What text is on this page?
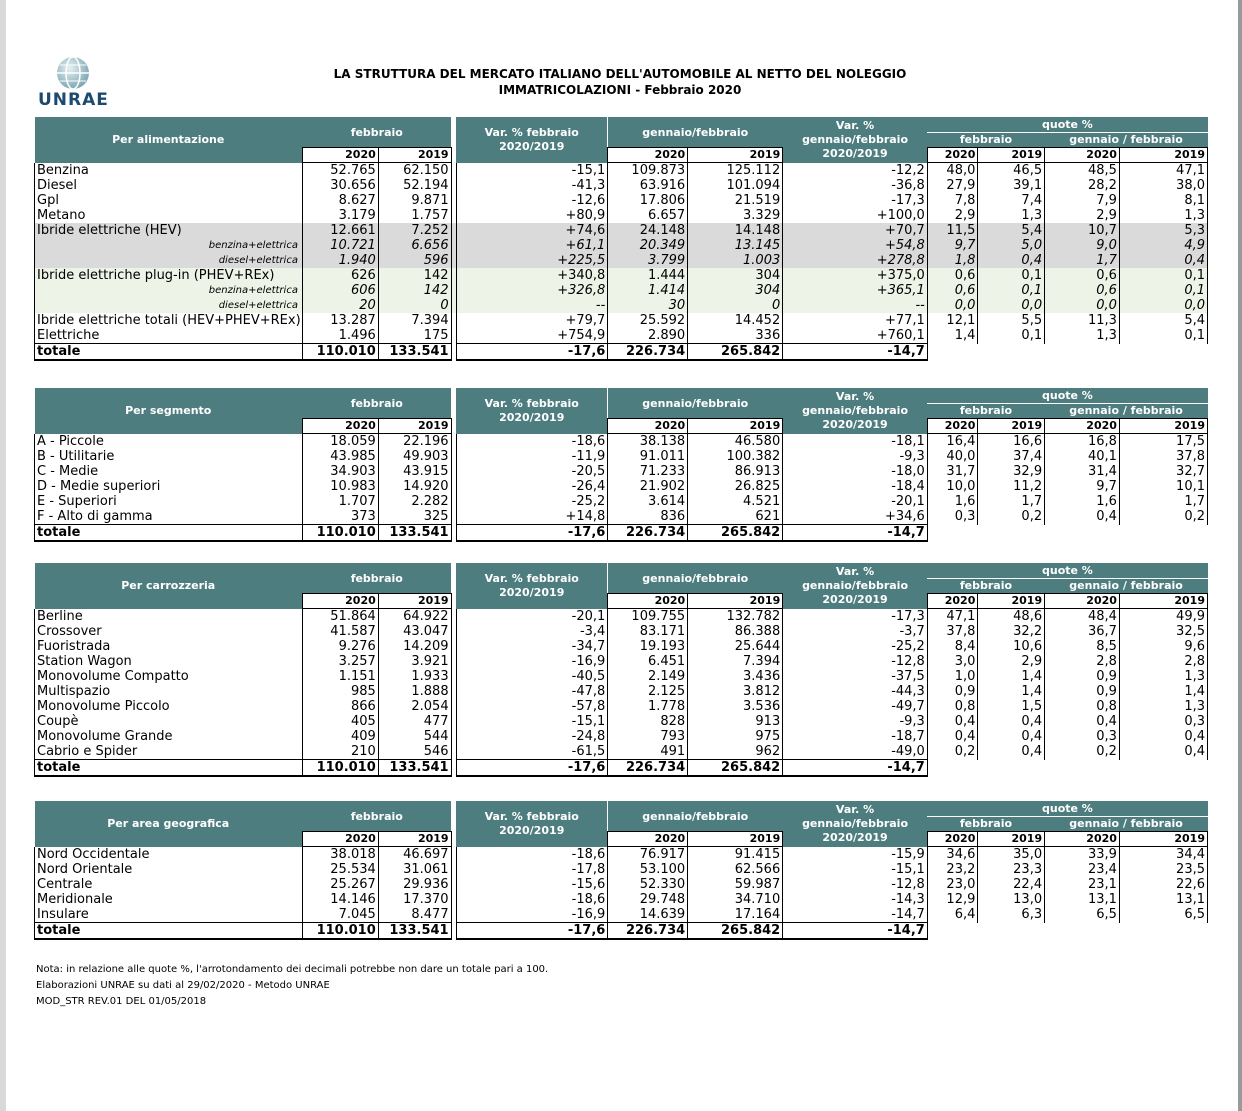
UNRAE
LA STRUTTURA DEL MERCATO ITALIANO DELL'AUTOMOBILE AL NETTO DEL NOLEGGIO
IMMATRICOLAZIONI - Febbraio 2020
Per alimentazione	febbraio			Var. % febbraio 2020/2019	gennaio/febbraio		Var. % gennaio/febbraio 2020/2019	quote %			
								febbraio		gennaio / febbraio	
	2020	2019			2020	2019		2020	2019	2020	2019
Benzina	52.765	62.150		-15,1	109.873	125.112	-12,2	48,0	46,5	48,5	47,1
Diesel	30.656	52.194		-41,3	63.916	101.094	-36,8	27,9	39,1	28,2	38,0
Gpl	8.627	9.871		-12,6	17.806	21.519	-17,3	7,8	7,4	7,9	8,1
Metano	3.179	1.757		+80,9	6.657	3.329	+100,0	2,9	1,3	2,9	1,3
Ibride elettriche (HEV)	12.661	7.252		+74,6	24.148	14.148	+70,7	11,5	5,4	10,7	5,3
benzina+elettrica	10.721	6.656		+61,1	20.349	13.145	+54,8	9,7	5,0	9,0	4,9
diesel+elettrica	1.940	596		+225,5	3.799	1.003	+278,8	1,8	0,4	1,7	0,4
Ibride elettriche plug-in (PHEV+REx)	626	142		+340,8	1.444	304	+375,0	0,6	0,1	0,6	0,1
benzina+elettrica	606	142		+326,8	1.414	304	+365,1	0,6	0,1	0,6	0,1
diesel+elettrica	20	0		--	30	0	--	0,0	0,0	0,0	0,0
Ibride elettriche totali (HEV+PHEV+REx)	13.287	7.394		+79,7	25.592	14.452	+77,1	12,1	5,5	11,3	5,4
Elettriche	1.496	175		+754,9	2.890	336	+760,1	1,4	0,1	1,3	0,1
totale	110.010	133.541		-17,6	226.734	265.842	-14,7				
Per segmento	febbraio			Var. % febbraio 2020/2019	gennaio/febbraio		Var. % gennaio/febbraio 2020/2019	quote %			
								febbraio		gennaio / febbraio	
	2020	2019			2020	2019		2020	2019	2020	2019
A - Piccole	18.059	22.196		-18,6	38.138	46.580	-18,1	16,4	16,6	16,8	17,5
B - Utilitarie	43.985	49.903		-11,9	91.011	100.382	-9,3	40,0	37,4	40,1	37,8
C - Medie	34.903	43.915		-20,5	71.233	86.913	-18,0	31,7	32,9	31,4	32,7
D - Medie superiori	10.983	14.920		-26,4	21.902	26.825	-18,4	10,0	11,2	9,7	10,1
E - Superiori	1.707	2.282		-25,2	3.614	4.521	-20,1	1,6	1,7	1,6	1,7
F - Alto di gamma	373	325		+14,8	836	621	+34,6	0,3	0,2	0,4	0,2
totale	110.010	133.541		-17,6	226.734	265.842	-14,7				
Per carrozzeria	febbraio			Var. % febbraio 2020/2019	gennaio/febbraio		Var. % gennaio/febbraio 2020/2019	quote %			
								febbraio		gennaio / febbraio	
	2020	2019			2020	2019		2020	2019	2020	2019
Berline	51.864	64.922		-20,1	109.755	132.782	-17,3	47,1	48,6	48,4	49,9
Crossover	41.587	43.047		-3,4	83.171	86.388	-3,7	37,8	32,2	36,7	32,5
Fuoristrada	9.276	14.209		-34,7	19.193	25.644	-25,2	8,4	10,6	8,5	9,6
Station Wagon	3.257	3.921		-16,9	6.451	7.394	-12,8	3,0	2,9	2,8	2,8
Monovolume Compatto	1.151	1.933		-40,5	2.149	3.436	-37,5	1,0	1,4	0,9	1,3
Multispazio	985	1.888		-47,8	2.125	3.812	-44,3	0,9	1,4	0,9	1,4
Monovolume Piccolo	866	2.054		-57,8	1.778	3.536	-49,7	0,8	1,5	0,8	1,3
Coupè	405	477		-15,1	828	913	-9,3	0,4	0,4	0,4	0,3
Monovolume Grande	409	544		-24,8	793	975	-18,7	0,4	0,4	0,3	0,4
Cabrio e Spider	210	546		-61,5	491	962	-49,0	0,2	0,4	0,2	0,4
totale	110.010	133.541		-17,6	226.734	265.842	-14,7				
Per area geografica	febbraio			Var. % febbraio 2020/2019	gennaio/febbraio		Var. % gennaio/febbraio 2020/2019	quote %			
								febbraio		gennaio / febbraio	
	2020	2019			2020	2019		2020	2019	2020	2019
Nord Occidentale	38.018	46.697		-18,6	76.917	91.415	-15,9	34,6	35,0	33,9	34,4
Nord Orientale	25.534	31.061		-17,8	53.100	62.566	-15,1	23,2	23,3	23,4	23,5
Centrale	25.267	29.936		-15,6	52.330	59.987	-12,8	23,0	22,4	23,1	22,6
Meridionale	14.146	17.370		-18,6	29.748	34.710	-14,3	12,9	13,0	13,1	13,1
Insulare	7.045	8.477		-16,9	14.639	17.164	-14,7	6,4	6,3	6,5	6,5
totale	110.010	133.541		-17,6	226.734	265.842	-14,7				
Nota: in relazione alle quote %, l'arrotondamento dei decimali potrebbe non dare un totale pari a 100.
Elaborazioni UNRAE su dati al 29/02/2020 - Metodo UNRAE
MOD_STR REV.01 DEL 01/05/2018
